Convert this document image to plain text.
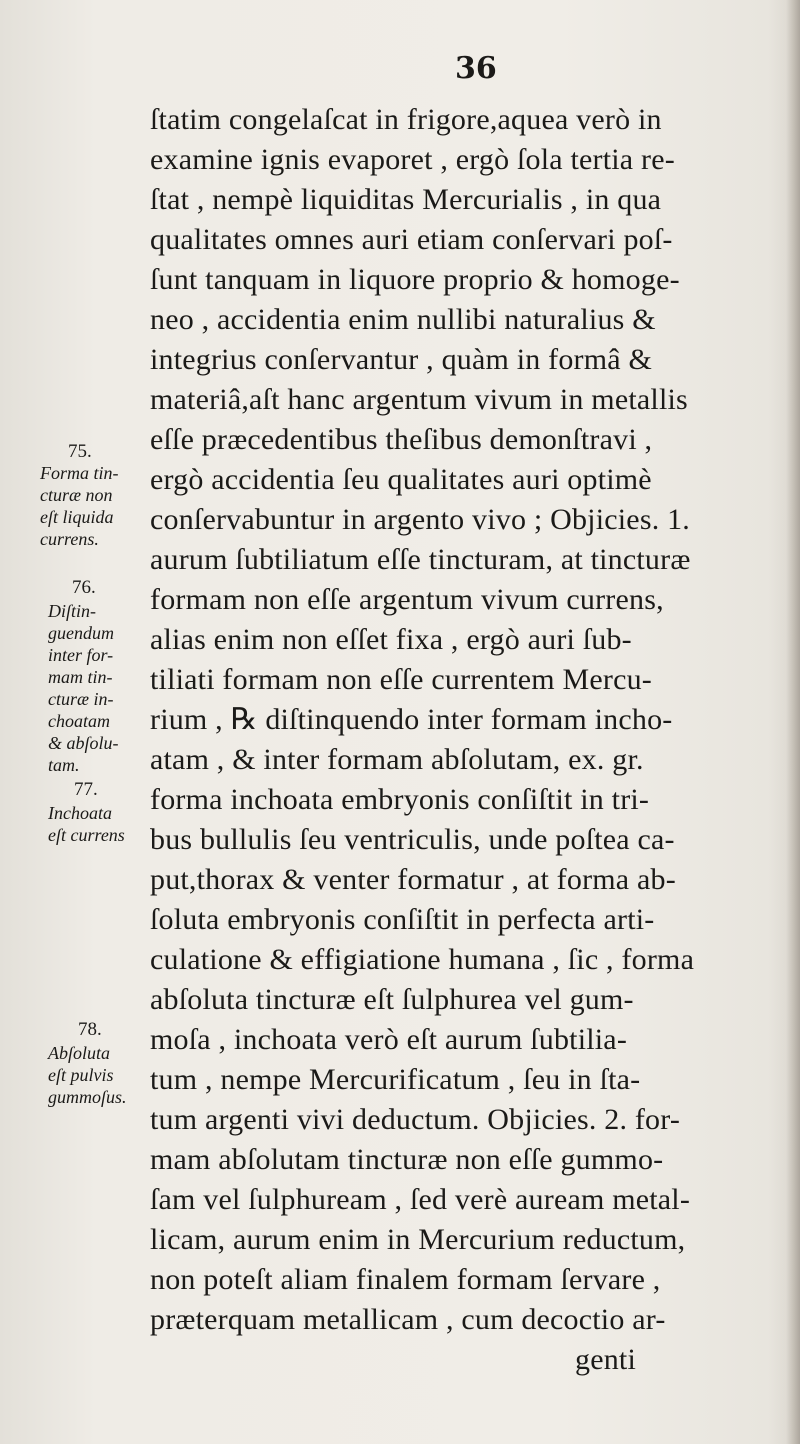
36
ſtatim congelaſcat in frigore,aquea verò in
examine ignis evaporet , ergò ſola tertia re-
ſtat , nempè liquiditas Mercurialis , in qua
qualitates omnes auri etiam conſervari poſ-
ſunt tanquam in liquore proprio & homoge-
neo , accidentia enim nullibi naturalius &
integrius conſervantur , quàm in formâ &
materiâ,aſt hanc argentum vivum in metallis
eſſe præcedentibus theſibus demonſtravi ,
ergò accidentia ſeu qualitates auri optimè
conſervabuntur in argento vivo ; Objicies. 1.
aurum ſubtiliatum eſſe tincturam, at tincturæ
formam non eſſe argentum vivum currens,
alias enim non eſſet fixa , ergò auri ſub-
tiliati formam non eſſe currentem Mercu-
rium , ℞ diſtinquendo inter formam incho-
atam , & inter formam abſolutam, ex. gr.
forma inchoata embryonis conſiſtit in tri-
bus bullulis ſeu ventriculis, unde poſtea ca-
put,thorax & venter formatur , at forma ab-
ſoluta embryonis conſiſtit in perfecta arti-
culatione & effigiatione humana , ſic , forma
abſoluta tincturæ eſt ſulphurea vel gum-
moſa , inchoata verò eſt aurum ſubtilia-
tum , nempe Mercurificatum , ſeu in ſta-
tum argenti vivi deductum. Objicies. 2. for-
mam abſolutam tincturæ non eſſe gummo-
ſam vel ſulphuream , ſed verè auream metal-
licam, aurum enim in Mercurium reductum,
non poteſt aliam finalem formam ſervare ,
præterquam metallicam , cum decoctio ar-
genti
75.
Forma tin-
cturæ non
eſt liquida
currens.
76.
Diſtin-
guendum
inter for-
mam tin-
cturæ in-
choatam
& abſolu-
tam.
77.
Inchoata
eſt currens
78.
Abſoluta
eſt pulvis
gummoſus.
